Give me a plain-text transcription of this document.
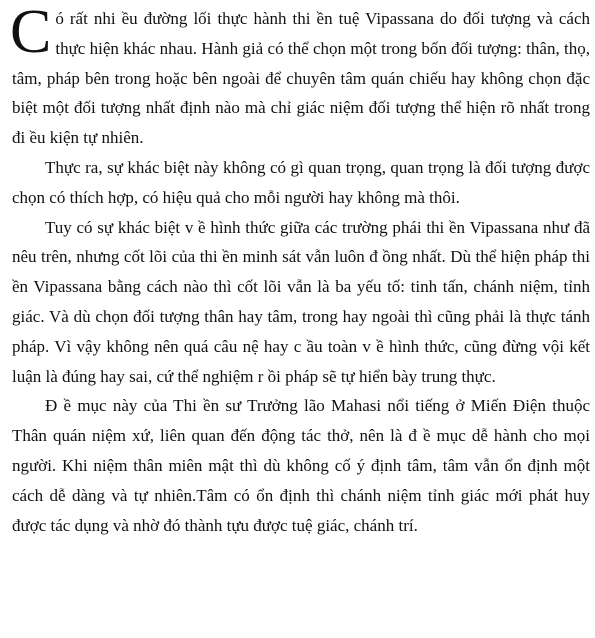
Có rất nhi ều đường lối thực hành thi ền tuệ Vipassana do đối tượng và cách thực hiện khác nhau. Hành giả có thể chọn một trong bốn đối tượng: thân, thọ, tâm, pháp bên trong hoặc bên ngoài để chuyên tâm quán chiếu hay không chọn đặc biệt một đối tượng nhất định nào mà chỉ giác niệm đối tượng thể hiện rõ nhất trong đi ều kiện tự nhiên.

Thực ra, sự khác biệt này không có gì quan trọng, quan trọng là đối tượng được chọn có thích hợp, có hiệu quả cho mỗi người hay không mà thôi.

Tuy có sự khác biệt v ề hình thức giữa các trường phái thi ền Vipassana như đã nêu trên, nhưng cốt lõi của thi ền minh sát vẫn luôn đ ồng nhất. Dù thể hiện pháp thi ền Vipassana bằng cách nào thì cốt lõi vẫn là ba yếu tố: tinh tấn, chánh niệm, tỉnh giác. Và dù chọn đối tượng thân hay tâm, trong hay ngoài thì cũng phải là thực tánh pháp. Vì vậy không nên quá câu nệ hay c ầu toàn v ề hình thức, cũng đừng vội kết luận là đúng hay sai, cứ thể nghiệm r ồi pháp sẽ tự hiển bày trung thực.

Đ ề mục này của Thi ền sư Trưởng lão Mahasi nổi tiếng ở Miến Điện thuộc Thân quán niệm xứ, liên quan đến động tác thở, nên là đ ề mục dễ hành cho mọi người. Khi niệm thân miên mật thì dù không cố ý định tâm, tâm vẫn ổn định một cách dễ dàng và tự nhiên.Tâm có ổn định thì chánh niệm tỉnh giác mới phát huy được tác dụng và nhờ đó thành tựu được tuệ giác, chánh trí.
